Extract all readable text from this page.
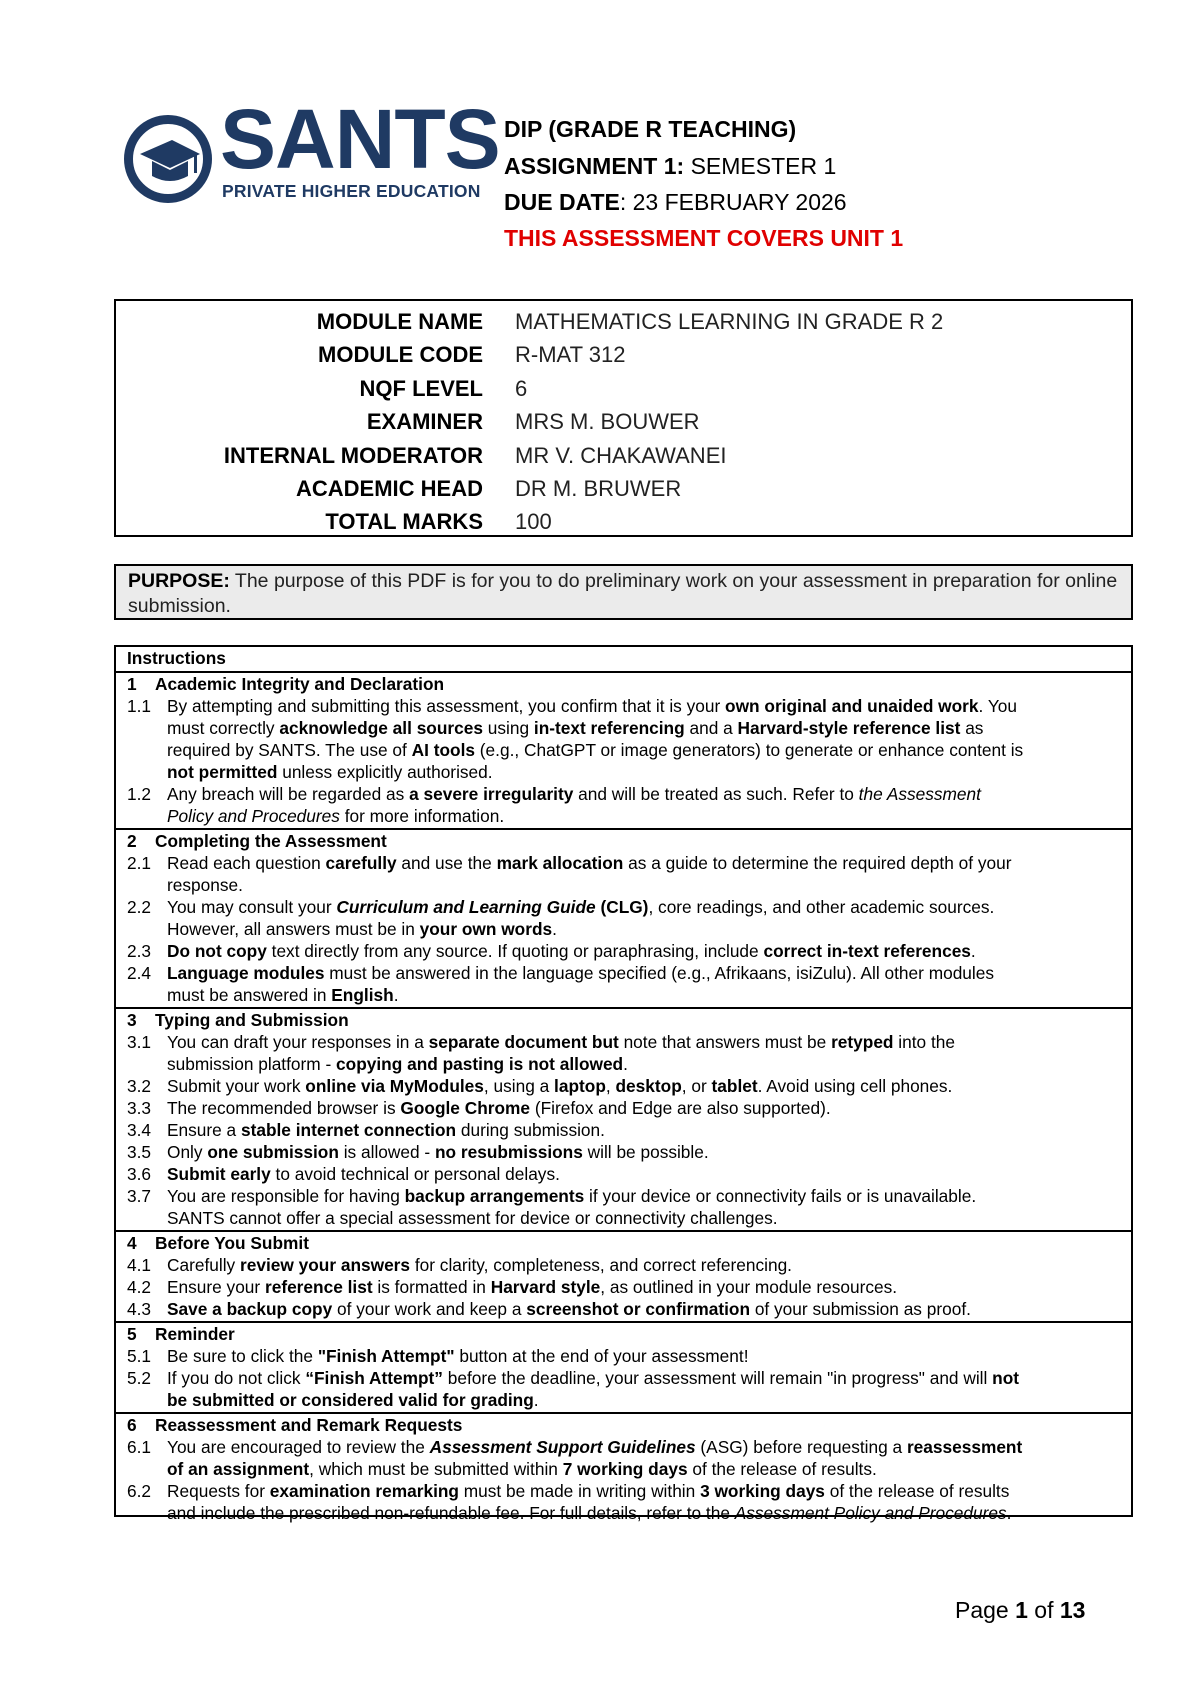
SANTS
PRIVATE HIGHER EDUCATION
DIP (GRADE R TEACHING)
ASSIGNMENT 1: SEMESTER 1
DUE DATE: 23 FEBRUARY 2026
THIS ASSESSMENT COVERS UNIT 1
MODULE NAME MATHEMATICS LEARNING IN GRADE R 2
MODULE CODE R-MAT 312
NQF LEVEL 6
EXAMINER MRS M. BOUWER
INTERNAL MODERATOR MR V. CHAKAWANEI
ACADEMIC HEAD DR M. BRUWER
TOTAL MARKS 100
PURPOSE: The purpose of this PDF is for you to do preliminary work on your assessment in preparation for online submission.
Instructions
1 Academic Integrity and Declaration
1.1 By attempting and submitting this assessment, you confirm that it is your own original and unaided work. You
must correctly acknowledge all sources using in-text referencing and a Harvard-style reference list as
required by SANTS. The use of AI tools (e.g., ChatGPT or image generators) to generate or enhance content is
not permitted unless explicitly authorised.
1.2 Any breach will be regarded as a severe irregularity and will be treated as such. Refer to the Assessment
Policy and Procedures for more information.
2 Completing the Assessment
2.1 Read each question carefully and use the mark allocation as a guide to determine the required depth of your
response.
2.2 You may consult your Curriculum and Learning Guide (CLG), core readings, and other academic sources.
However, all answers must be in your own words.
2.3 Do not copy text directly from any source. If quoting or paraphrasing, include correct in-text references.
2.4 Language modules must be answered in the language specified (e.g., Afrikaans, isiZulu). All other modules
must be answered in English.
3 Typing and Submission
3.1 You can draft your responses in a separate document but note that answers must be retyped into the
submission platform - copying and pasting is not allowed.
3.2 Submit your work online via MyModules, using a laptop, desktop, or tablet. Avoid using cell phones.
3.3 The recommended browser is Google Chrome (Firefox and Edge are also supported).
3.4 Ensure a stable internet connection during submission.
3.5 Only one submission is allowed - no resubmissions will be possible.
3.6 Submit early to avoid technical or personal delays.
3.7 You are responsible for having backup arrangements if your device or connectivity fails or is unavailable.
SANTS cannot offer a special assessment for device or connectivity challenges.
4 Before You Submit
4.1 Carefully review your answers for clarity, completeness, and correct referencing.
4.2 Ensure your reference list is formatted in Harvard style, as outlined in your module resources.
4.3 Save a backup copy of your work and keep a screenshot or confirmation of your submission as proof.
5 Reminder
5.1 Be sure to click the "Finish Attempt" button at the end of your assessment!
5.2 If you do not click “Finish Attempt” before the deadline, your assessment will remain "in progress" and will not
be submitted or considered valid for grading.
6 Reassessment and Remark Requests
6.1 You are encouraged to review the Assessment Support Guidelines (ASG) before requesting a reassessment
of an assignment, which must be submitted within 7 working days of the release of results.
6.2 Requests for examination remarking must be made in writing within 3 working days of the release of results
and include the prescribed non-refundable fee. For full details, refer to the Assessment Policy and Procedures.
Page 1 of 13
